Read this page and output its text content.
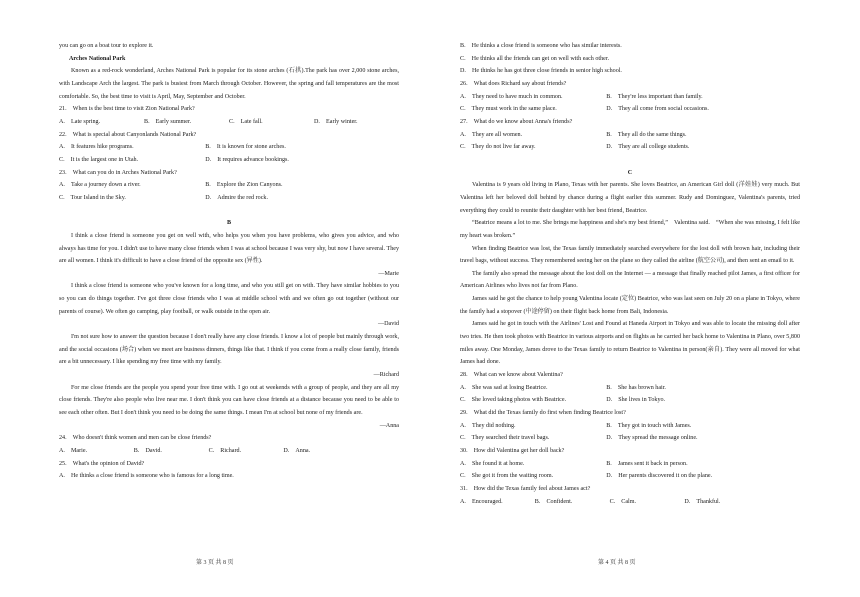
you can go on a boat tour to explore it.

Arches National Park

Known as a red-rock wonderland, Arches National Park is popular for its stone arches (石拱).The park has over 2,000 stone arches, with Landscape Arch the largest. The park is busiest from March through October. However, the spring and fall temperatures are the most comfortable. So, the best time to visit is April, May, September and October.

21. When is the best time to visit Zion National Park?

A. Late spring.	B. Early summer.	C. Late fall.	D. Early winter.

22. What is special about Canyonlands National Park?

A. It features hike programs.	B. It is known for stone arches.
C. It is the largest one in Utah.	D. It requires advance bookings.

23. What can you do in Arches National Park?

A. Take a journey down a river.	B. Explore the Zion Canyons.
C. Tour Island in the Sky.	D. Admire the red rock.

B

I think a close friend is someone you get on well with, who helps you when you have problems, who gives you advice, and who always has time for you. I didn't use to have many close friends when I was at school because I was very shy, but now I have several. They are all women. I think it's difficult to have a close friend of the opposite sex (异性).

—Marie

I think a close friend is someone who you've known for a long time, and who you still get on with. They have similar hobbies to you so you can do things together. I've got three close friends who I was at middle school with and we often go out together (without our parents of course). We often go camping, play football, or walk outside in the open air.

—David

I'm not sure how to answer the question because I don't really have any close friends. I know a lot of people but mainly through work, and the social occasions (场合) when we meet are business dinners, things like that. I think if you come from a really close family, friends are a bit unnecessary. I like spending my free time with my family.

—Richard

For me close friends are the people you spend your free time with. I go out at weekends with a group of people, and they are all my close friends. They're also people who live near me. I don't think you can have close friends at a distance because you need to be able to see each other often. But I don't think you need to be doing the same things. I mean I'm at school but none of my friends are.

—Anna

24. Who doesn't think women and men can be close friends?

A. Marie.	B. David.	C. Richard.	D. Anna.

25. What's the opinion of David?

A. He thinks a close friend is someone who is famous for a long time.

第 3 页 共 8 页

B. He thinks a close friend is someone who has similar interests.

C. He thinks all the friends can get on well with each other.

D. He thinks he has got three close friends in senior high school.

26. What does Richard say about friends?

A. They need to have much in common.	B. They're less important than family.
C. They must work in the same place.	D. They all come from social occasions.

27. What do we know about Anna's friends?

A. They are all women.	B. They all do the same things.
C. They do not live far away.	D. They are all college students.

C

Valentina is 9 years old living in Plano, Texas with her parents. She loves Beatrice, an American Girl doll (洋娃娃) very much. But Valentina left her beloved doll behind by chance during a flight earlier this summer. Rudy and Dominguez, Valentina's parents, tried everything they could to reunite their daughter with her best friend, Beatrice.

“Beatrice means a lot to me. She brings me happiness and she's my best friend,” Valentina said. “When she was missing, I felt like my heart was broken.”

When finding Beatrice was lost, the Texas family immediately searched everywhere for the lost doll with brown hair, including their travel bags, without success. They remembered seeing her on the plane so they called the airline (航空公司), and then sent an email to it.

The family also spread the message about the lost doll on the Internet — a message that finally reached pilot James, a first officer for American Airlines who lives not far from Plano.

James said he got the chance to help young Valentina locate (定位) Beatrice, who was last seen on July 20 on a plane in Tokyo, where the family had a stopover (中途停留) on their flight back home from Bali, Indonesia.

James said he got in touch with the Airlines' Lost and Found at Haneda Airport in Tokyo and was able to locate the missing doll after two tries. He then took photos with Beatrice in various airports and on flights as he carried her back home to Valentina in Plano, over 5,800 miles away. One Monday, James drove to the Texas family to return Beatrice to Valentina in person(亲自). They were all moved for what James had done.

28. What can we know about Valentina?

A. She was sad at losing Beatrice.	B. She has brown hair.
C. She loved taking photos with Beatrice.	D. She lives in Tokyo.

29. What did the Texas family do first when finding Beatrice lost?

A. They did nothing.	B. They got in touch with James.
C. They searched their travel bags.	D. They spread the message online.

30. How did Valentina get her doll back?

A. She found it at home.	B. James sent it back in person.
C. She got it from the waiting room.	D. Her parents discovered it on the plane.

31. How did the Texas family feel about James act?

A. Encouraged.	B. Confident.	C. Calm.	D. Thankful.
第 4 页 共 8 页
